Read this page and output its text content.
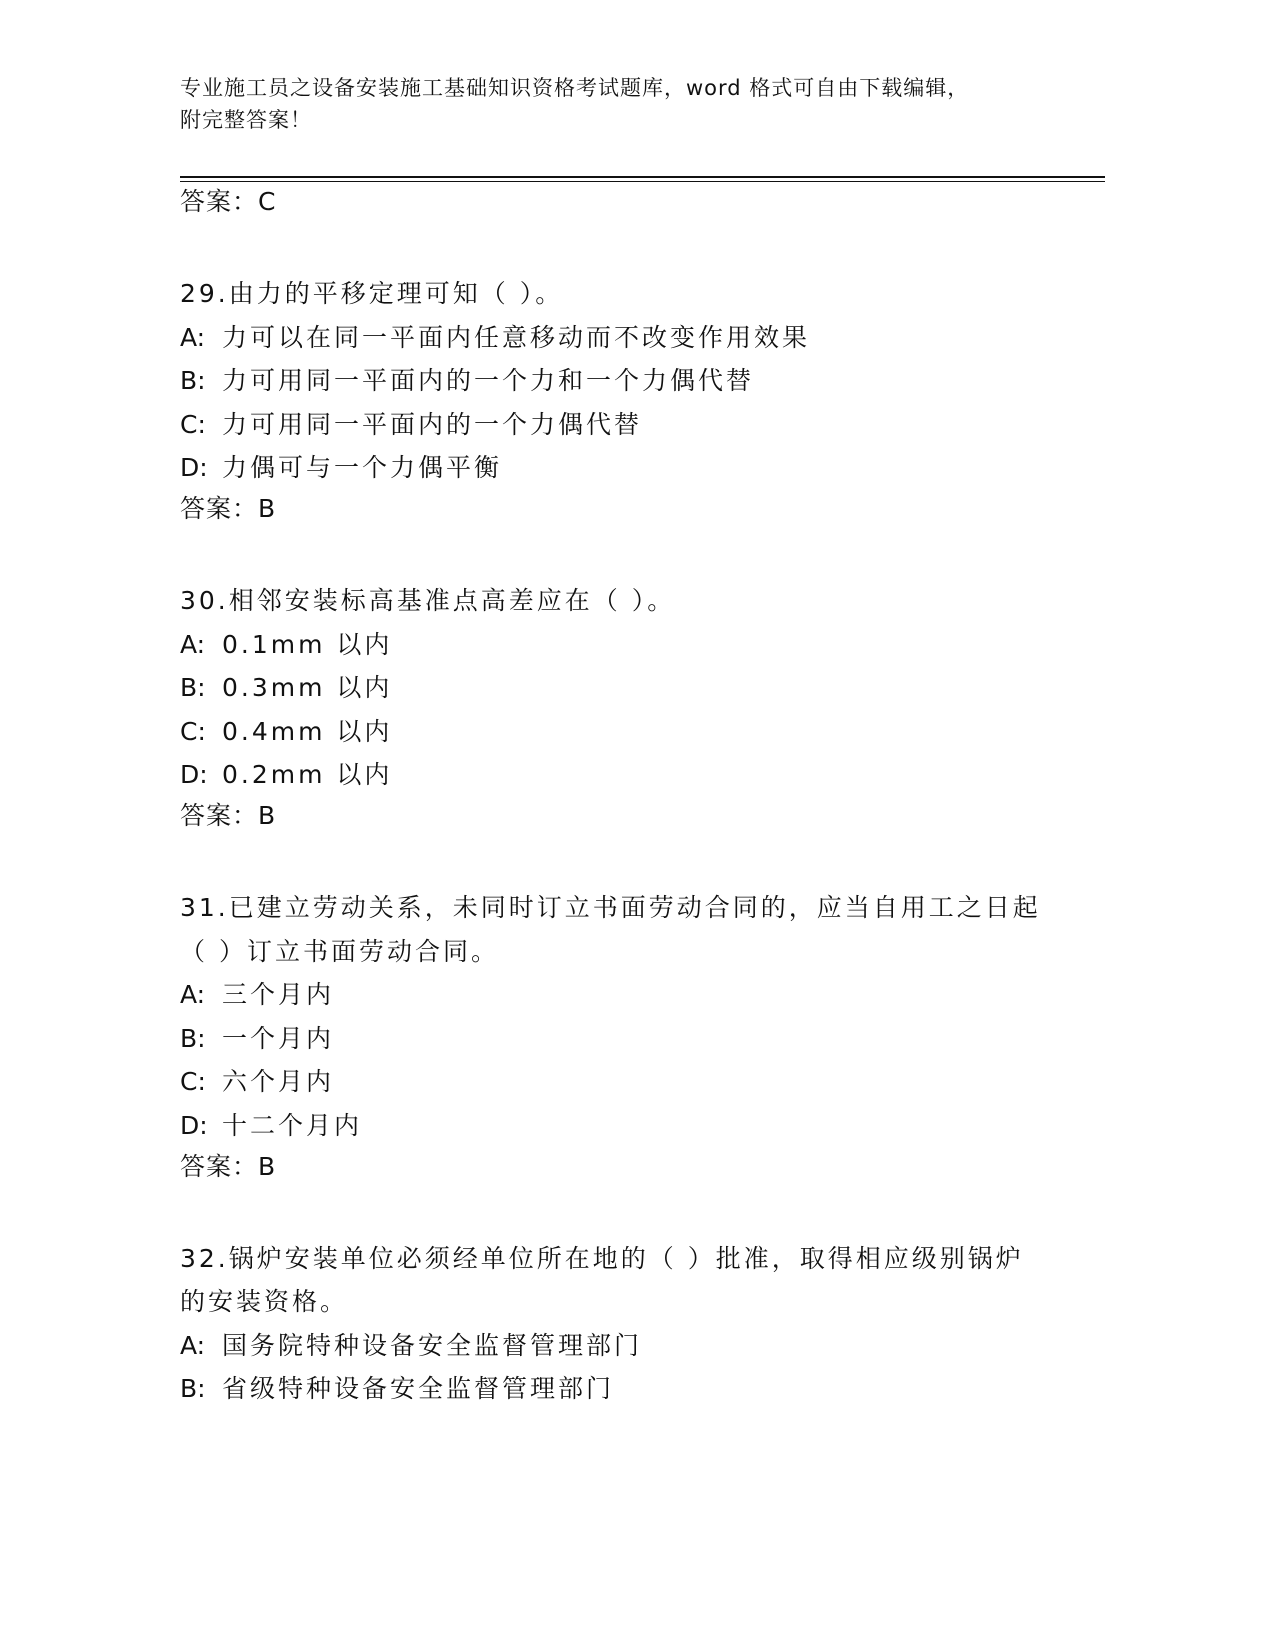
专业施工员之设备安装施工基础知识资格考试题库，word 格式可自由下载编辑，
附完整答案！

答案：C

29.由力的平移定理可知（ ）。

A: 力可以在同一平面内任意移动而不改变作用效果

B: 力可用同一平面内的一个力和一个力偶代替

C: 力可用同一平面内的一个力偶代替

D: 力偶可与一个力偶平衡

答案：B

30.相邻安装标高基准点高差应在（ ）。

A: 0.1mm 以内

B: 0.3mm 以内

C: 0.4mm 以内

D: 0.2mm 以内

答案：B

31.已建立劳动关系，未同时订立书面劳动合同的，应当自用工之日起

（ ）订立书面劳动合同。

A: 三个月内

B: 一个月内

C: 六个月内

D: 十二个月内

答案：B

32.锅炉安装单位必须经单位所在地的（ ）批准，取得相应级别锅炉

的安装资格。

A: 国务院特种设备安全监督管理部门

B: 省级特种设备安全监督管理部门
